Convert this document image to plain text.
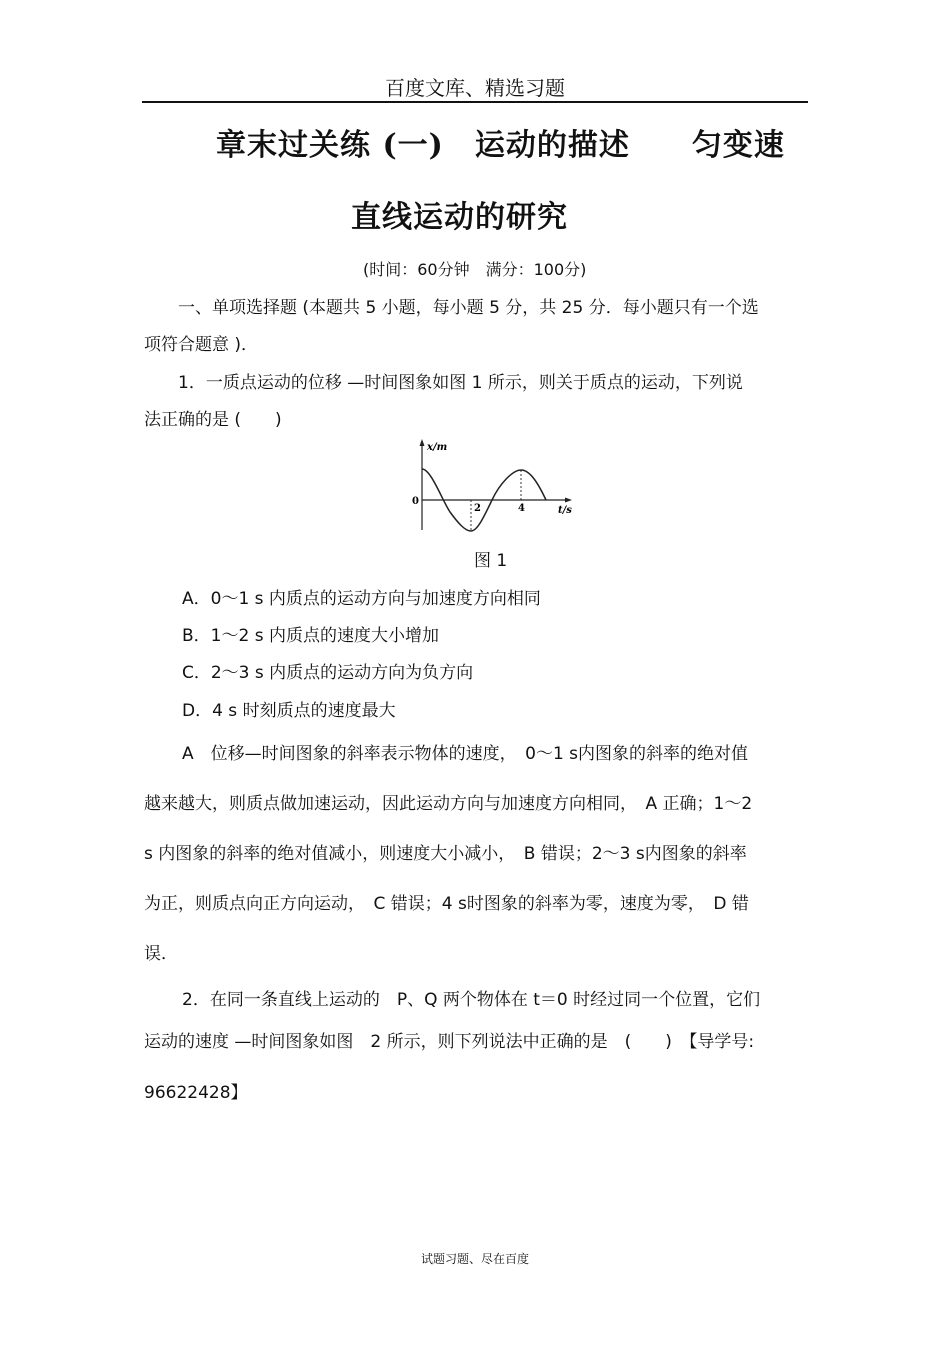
百度文库、精选习题
章末过关练 (一)　运动的描述　　匀变速
直线运动的研究
(时间：60分钟　满分：100分)
一、单项选择题 (本题共 5 小题，每小题 5 分，共 25 分．每小题只有一个选
项符合题意 )．
1．一质点运动的位移 —时间图象如图 1 所示，则关于质点的运动，下列说
法正确的是 (　　)
x/m
0
2	4	t/s
图 1
A．0～1 s 内质点的运动方向与加速度方向相同
B．1～2 s 内质点的速度大小增加
C．2～3 s 内质点的运动方向为负方向
D．4 s 时刻质点的速度最大
A　位移—时间图象的斜率表示物体的速度，　0～1 s内图象的斜率的绝对值
越来越大，则质点做加速运动，因此运动方向与加速度方向相同，　A 正确；1～2
s 内图象的斜率的绝对值减小，则速度大小减小，　B 错误；2～3 s内图象的斜率
为正，则质点向正方向运动，　C 错误；4 s时图象的斜率为零，速度为零，　D 错
误．
2．在同一条直线上运动的　P、Q 两个物体在 t＝0 时经过同一个位置，它们
运动的速度 —时间图象如图　2 所示，则下列说法中正确的是　(　　)　【导学号:
96622428】
试题习题、尽在百度
